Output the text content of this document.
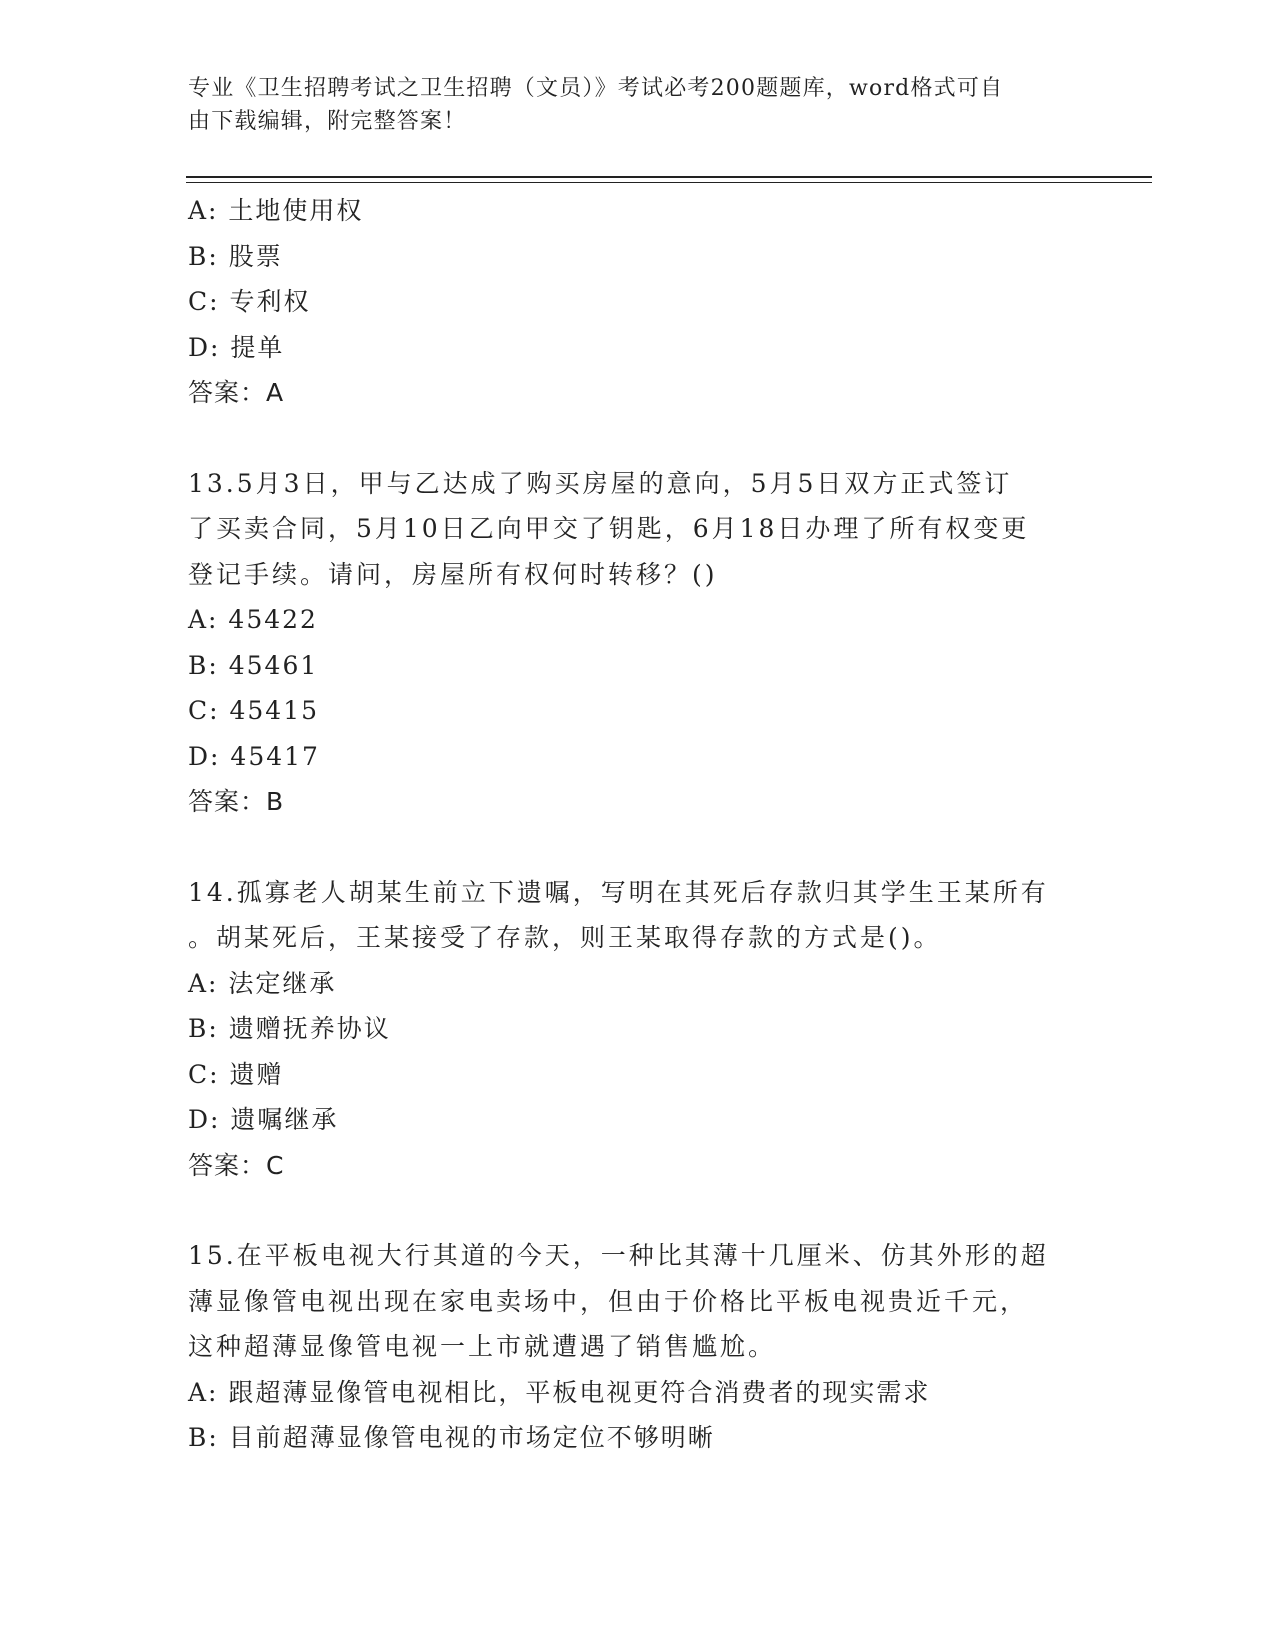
专业《卫生招聘考试之卫生招聘（文员）》考试必考200题题库，word格式可自
由下载编辑，附完整答案！
A: 土地使用权
B: 股票
C: 专利权
D: 提单
答案：A
13.5月3日，甲与乙达成了购买房屋的意向，5月5日双方正式签订
了买卖合同，5月10日乙向甲交了钥匙，6月18日办理了所有权变更
登记手续。请问，房屋所有权何时转移？()
A: 45422
B: 45461
C: 45415
D: 45417
答案：B
14.孤寡老人胡某生前立下遗嘱，写明在其死后存款归其学生王某所有
。胡某死后，王某接受了存款，则王某取得存款的方式是()。
A: 法定继承
B: 遗赠抚养协议
C: 遗赠
D: 遗嘱继承
答案：C
15.在平板电视大行其道的今天，一种比其薄十几厘米、仿其外形的超
薄显像管电视出现在家电卖场中，但由于价格比平板电视贵近千元，
这种超薄显像管电视一上市就遭遇了销售尴尬。
A: 跟超薄显像管电视相比，平板电视更符合消费者的现实需求
B: 目前超薄显像管电视的市场定位不够明晰
